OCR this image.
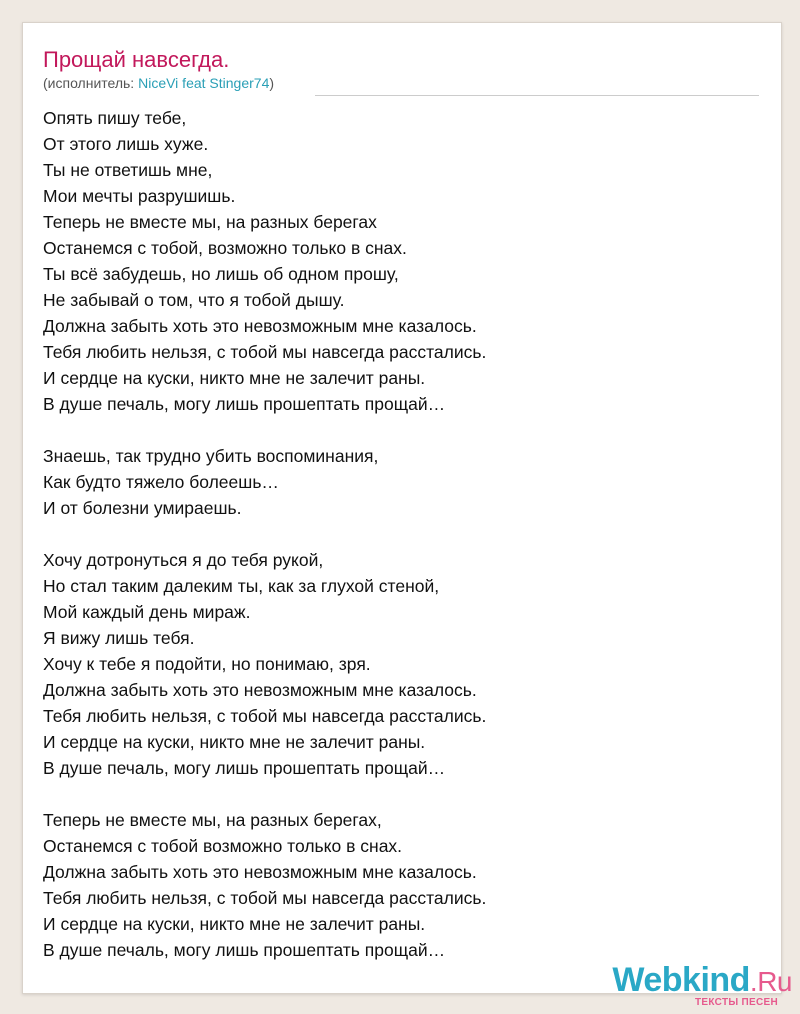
Прощай навсегда.
(исполнитель: NiceVi feat Stinger74)
Опять пишу тебе,
От этого лишь хуже.
Ты не ответишь мне,
Мои мечты разрушишь.
Теперь не вместе мы, на разных берегах
Останемся с тобой, возможно только в снах.
Ты всё забудешь, но лишь об одном прошу,
Не забывай о том, что я тобой дышу.
Должна забыть хоть это невозможным мне казалось.
Тебя любить нельзя, с тобой мы навсегда расстались.
И сердце на куски, никто мне не залечит раны.
В душе печаль, могу лишь прошептать прощай…
Знаешь, так трудно убить воспоминания,
Как будто тяжело болеешь…
И от болезни умираешь.
Хочу дотронуться я до тебя рукой,
Но стал таким далеким ты, как за глухой стеной,
Мой каждый день мираж.
Я вижу лишь тебя.
Хочу к тебе я подойти, но понимаю, зря.
Должна забыть хоть это невозможным мне казалось.
Тебя любить нельзя, с тобой мы навсегда расстались.
И сердце на куски, никто мне не залечит раны.
В душе печаль, могу лишь прошептать прощай…
Теперь не вместе мы, на разных берегах,
Останемся с тобой возможно только в снах.
Должна забыть хоть это невозможным мне казалось.
Тебя любить нельзя, с тобой мы навсегда расстались.
И сердце на куски, никто мне не залечит раны.
В душе печаль, могу лишь прошептать прощай…
Webkind.Ru
ТЕКСТЫ ПЕСЕН
